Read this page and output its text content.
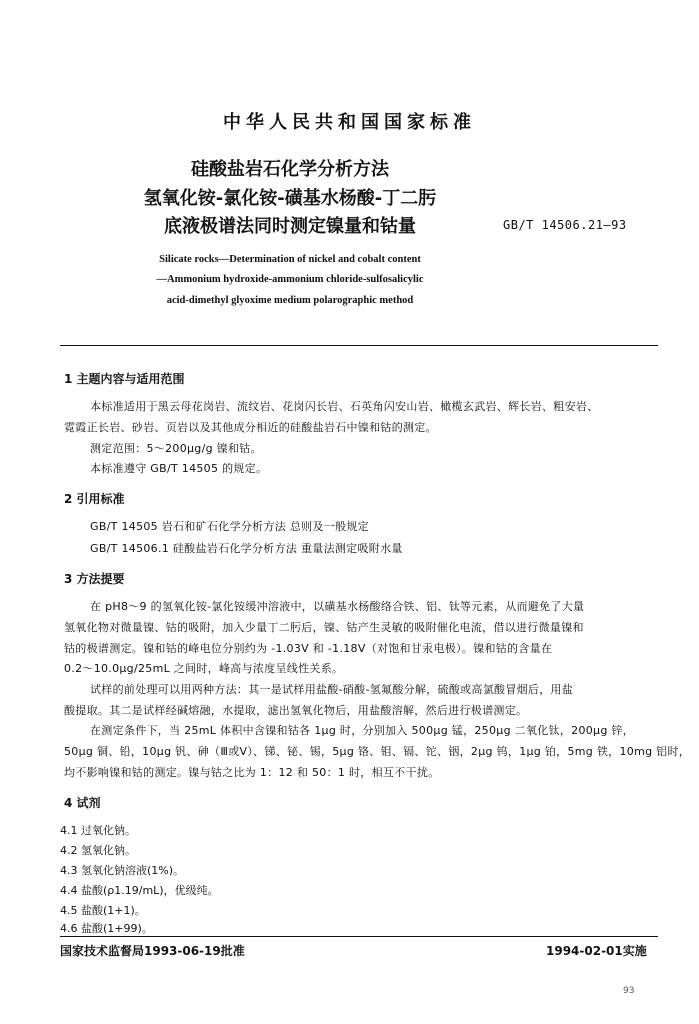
中华人民共和国国家标准
硅酸盐岩石化学分析方法
氢氧化铵-氯化铵-磺基水杨酸-丁二肟
底液极谱法同时测定镍量和钴量	GB/T 14506.21—93
Silicate rocks—Determination of nickel and cobalt content
—Ammonium hydroxide-ammonium chloride-sulfosalicylic
acid-dimethyl glyoxime medium polarographic method
1 主题内容与适用范围
本标准适用于黑云母花岗岩、流纹岩、花岗闪长岩、石英角闪安山岩、橄榄玄武岩、辉长岩、粗安岩、
霓霞正长岩、砂岩、页岩以及其他成分相近的硅酸盐岩石中镍和钴的测定。
测定范围：5～200μg/g 镍和钴。
本标准遵守 GB/T 14505 的规定。
2 引用标准
GB/T 14505 岩石和矿石化学分析方法 总则及一般规定
GB/T 14506.1 硅酸盐岩石化学分析方法 重量法测定吸附水量
3 方法提要
在 pH8～9 的氢氧化铵-氯化铵缓冲溶液中，以磺基水杨酸络合铁、铝、钛等元素，从而避免了大量
氢氧化物对微量镍、钴的吸附，加入少量丁二肟后，镍、钴产生灵敏的吸附催化电流，借以进行微量镍和
钴的极谱测定。镍和钴的峰电位分别约为 -1.03V 和 -1.18V（对饱和甘汞电极）。镍和钴的含量在
0.2～10.0μg/25mL 之间时，峰高与浓度呈线性关系。
试样的前处理可以用两种方法：其一是试样用盐酸-硝酸-氢氟酸分解，硫酸或高氯酸冒烟后，用盐
酸提取。其二是试样经碱熔融，水提取，滤出氢氧化物后，用盐酸溶解，然后进行极谱测定。
在测定条件下，当 25mL 体积中含镍和钴各 1μg 时，分别加入 500μg 锰，250μg 二氧化钛，200μg 锌，
50μg 铜、铅，10μg 钒、砷（Ⅲ或Ⅴ）、锑、铋、锡，5μg 铬、钼、镉、铊、铟，2μg 钨，1μg 铂，5mg 铁，10mg 铝时，
均不影响镍和钴的测定。镍与钴之比为 1：12 和 50：1 时，相互不干扰。
4 试剂
4.1 过氧化钠。
4.2 氢氧化钠。
4.3 氢氧化钠溶液(1%)。
4.4 盐酸(ρ1.19/mL)，优级纯。
4.5 盐酸(1+1)。
4.6 盐酸(1+99)。
国家技术监督局1993-06-19批准	1994-02-01实施
93
